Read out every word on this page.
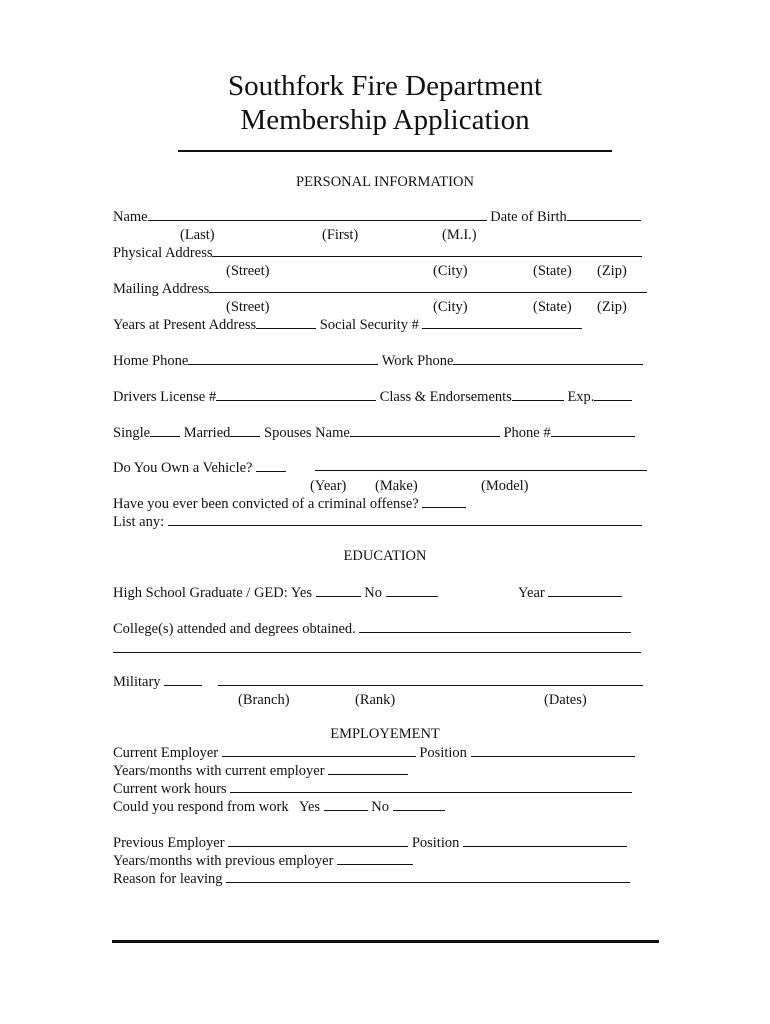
Southfork Fire Department
Membership Application
PERSONAL INFORMATION
Name	Date of Birth
(Last)	(First)	(M.I.)
Physical Address
(Street)	(City)	(State) (Zip)
Mailing Address
(Street)	(City)	(State) (Zip)
Years at Present Address	Social Security #
Home Phone	Work Phone
Drivers License #	Class & Endorsements	Exp.
Single Married Spouses Name	Phone #
Do You Own a Vehicle?
(Year) (Make)	(Model)
Have you ever been convicted of a criminal offense?
List any:
EDUCATION
High School Graduate / GED: Yes	No	Year
College(s) attended and degrees obtained.
Military
(Branch)	(Rank)	(Dates)
EMPLOYEMENT
Current Employer	Position
Years/months with current employer
Current work hours
Could you respond from work Yes	No
Previous Employer	Position
Years/months with previous employer
Reason for leaving
